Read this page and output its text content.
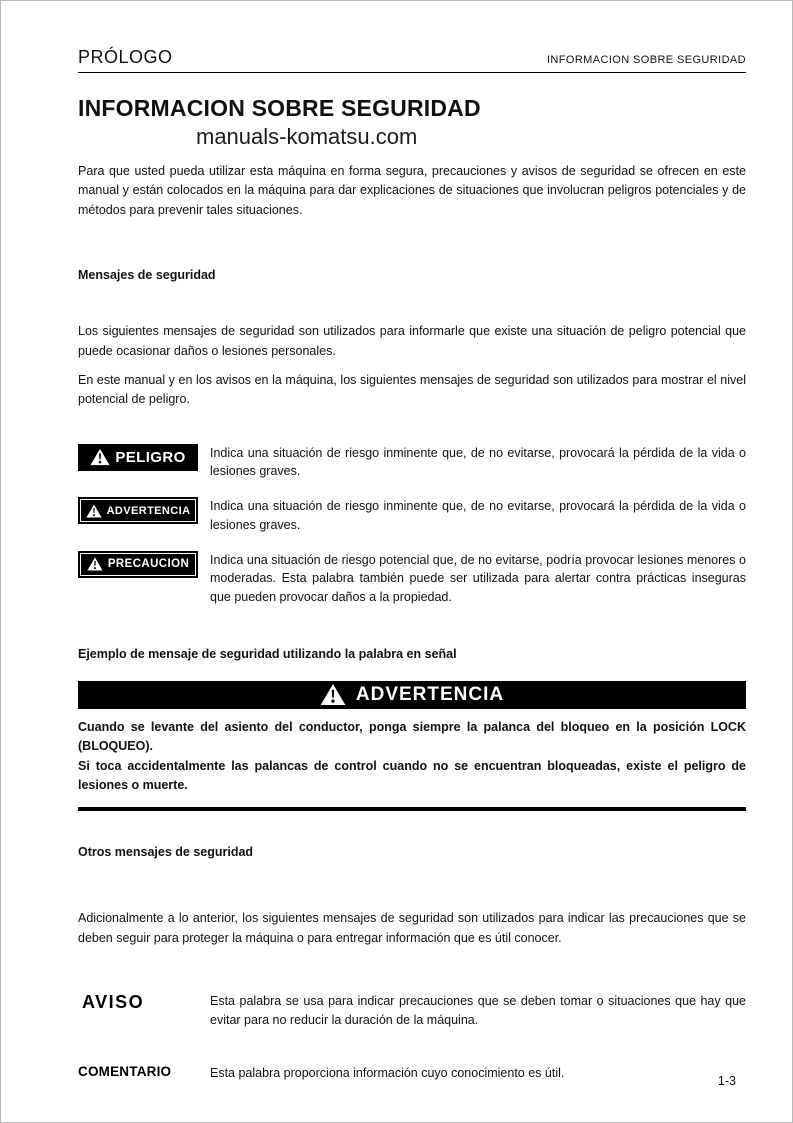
PRÓLOGO	INFORMACION SOBRE SEGURIDAD
INFORMACION SOBRE SEGURIDAD
manuals-komatsu.com

Para que usted pueda utilizar esta máquina en forma segura, precauciones y avisos de seguridad se ofrecen en este manual y están colocados en la máquina para dar explicaciones de situaciones que involucran peligros potenciales y de métodos para prevenir tales situaciones.

Mensajes de seguridad

Los siguientes mensajes de seguridad son utilizados para informarle que existe una situación de peligro potencial que puede ocasionar daños o lesiones personales.

En este manual y en los avisos en la máquina, los siguientes mensajes de seguridad son utilizados para mostrar el nivel potencial de peligro.

PELIGRO Indica una situación de riesgo inminente que, de no evitarse, provocará la pérdida de la vida o lesiones graves.

ADVERTENCIA Indica una situación de riesgo inminente que, de no evitarse, provocará la pérdida de la vida o lesiones graves.

PRECAUCION Indica una situación de riesgo potencial que, de no evitarse, podría provocar lesiones menores o moderadas. Esta palabra también puede ser utilizada para alertar contra prácticas inseguras que pueden provocar daños a la propiedad.

Ejemplo de mensaje de seguridad utilizando la palabra en señal
ADVERTENCIA

Cuando se levante del asiento del conductor, ponga siempre la palanca del bloqueo en la posición LOCK (BLOQUEO).

Si toca accidentalmente las palancas de control cuando no se encuentran bloqueadas, existe el peligro de lesiones o muerte.

Otros mensajes de seguridad

Adicionalmente a lo anterior, los siguientes mensajes de seguridad son utilizados para indicar las precauciones que se deben seguir para proteger la máquina o para entregar información que es útil conocer.

AVISO	Esta palabra se usa para indicar precauciones que se deben tomar o situaciones que hay que evitar para no reducir la duración de la máquina.

COMENTARIO	Esta palabra proporciona información cuyo conocimiento es útil.

1-3
